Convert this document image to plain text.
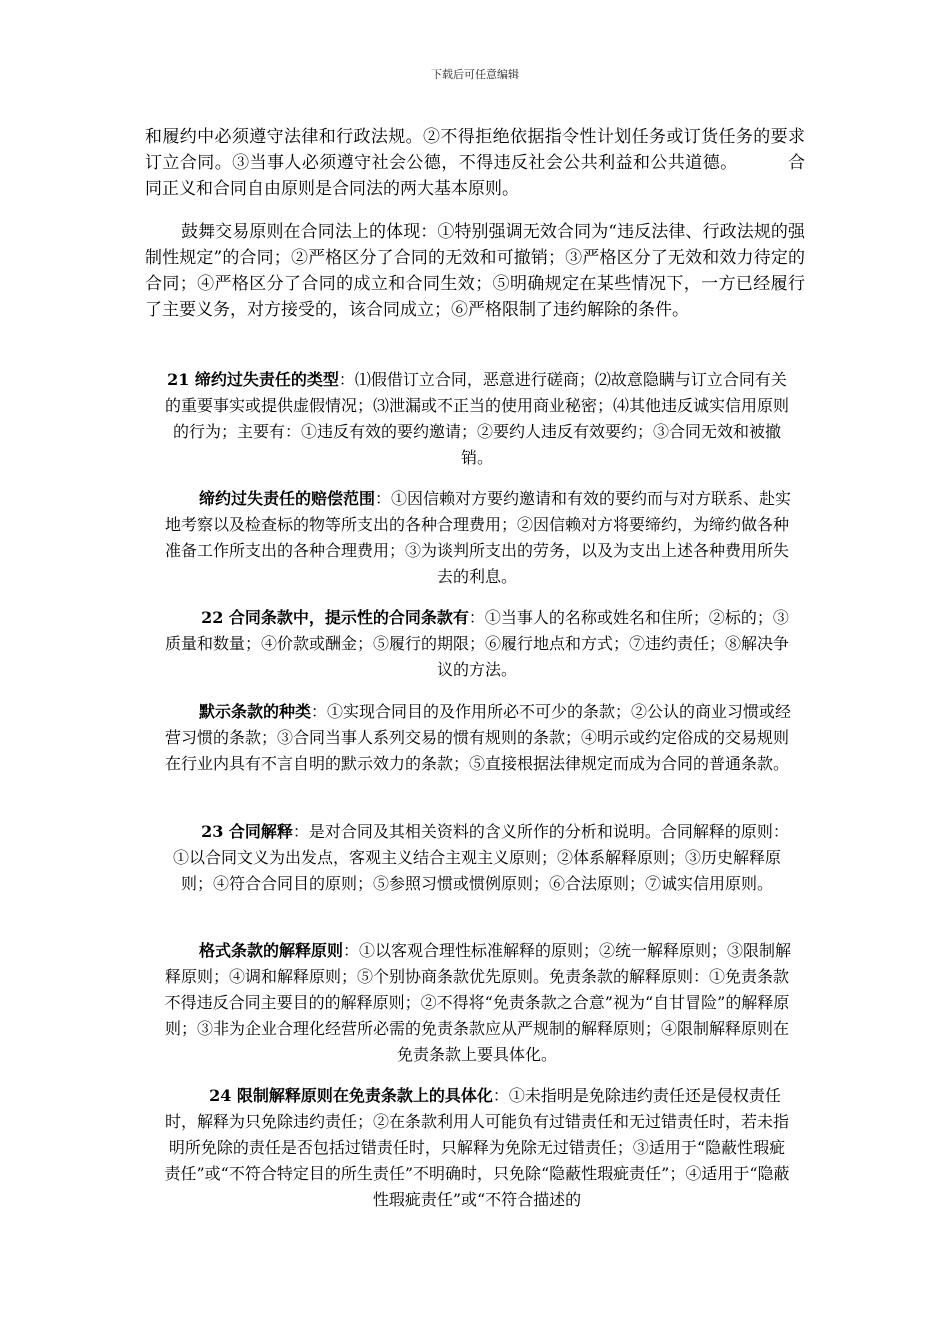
下载后可任意编辑

和履约中必须遵守法律和行政法规。②不得拒绝依据指令性计划任务或订货任务的要求订立合同。③当事人必须遵守社会公德，不得违反社会公共利益和公共道德。	合同正义和合同自由原则是合同法的两大基本原则。

鼓舞交易原则在合同法上的体现：①特别强调无效合同为“违反法律、行政法规的强制性规定”的合同；②严格区分了合同的无效和可撤销；③严格区分了无效和效力待定的合同；④严格区分了合同的成立和合同生效；⑤明确规定在某些情况下，一方已经履行了主要义务，对方接受的，该合同成立；⑥严格限制了违约解除的条件。

21 缔约过失责任的类型：⑴假借订立合同，恶意进行磋商；⑵故意隐瞒与订立合同有关的重要事实或提供虚假情况；⑶泄漏或不正当的使用商业秘密；⑷其他违反诚实信用原则的行为；主要有：①违反有效的要约邀请；②要约人违反有效要约；③合同无效和被撤销。

缔约过失责任的赔偿范围：①因信赖对方要约邀请和有效的要约而与对方联系、赴实地考察以及检查标的物等所支出的各种合理费用；②因信赖对方将要缔约，为缔约做各种准备工作所支出的各种合理费用；③为谈判所支出的劳务，以及为支出上述各种费用所失去的利息。

22 合同条款中，提示性的合同条款有：①当事人的名称或姓名和住所；②标的；③质量和数量；④价款或酬金；⑤履行的期限；⑥履行地点和方式；⑦违约责任；⑧解决争议的方法。

默示条款的种类：①实现合同目的及作用所必不可少的条款；②公认的商业习惯或经营习惯的条款；③合同当事人系列交易的惯有规则的条款；④明示或约定俗成的交易规则在行业内具有不言自明的默示效力的条款；⑤直接根据法律规定而成为合同的普通条款。

23 合同解释：是对合同及其相关资料的含义所作的分析和说明。合同解释的原则：①以合同文义为出发点，客观主义结合主观主义原则；②体系解释原则；③历史解释原则；④符合合同目的原则；⑤参照习惯或惯例原则；⑥合法原则；⑦诚实信用原则。

格式条款的解释原则：①以客观合理性标准解释的原则；②统一解释原则；③限制解释原则；④调和解释原则；⑤个别协商条款优先原则。免责条款的解释原则：①免责条款不得违反合同主要目的的解释原则；②不得将“免责条款之合意”视为“自甘冒险”的解释原则；③非为企业合理化经营所必需的免责条款应从严规制的解释原则；④限制解释原则在免责条款上要具体化。

24 限制解释原则在免责条款上的具体化：①未指明是免除违约责任还是侵权责任时，解释为只免除违约责任；②在条款利用人可能负有过错责任和无过错责任时，若未指明所免除的责任是否包括过错责任时，只解释为免除无过错责任；③适用于“隐蔽性瑕疵责任”或“不符合特定目的所生责任”不明确时，只免除“隐蔽性瑕疵责任”；④适用于“隐蔽性瑕疵责任”或“不符合描述的
